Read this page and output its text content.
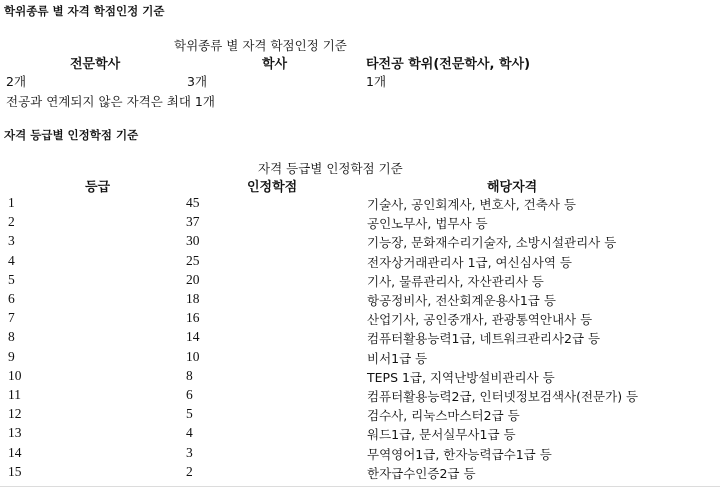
학위종류 별 자격 학점인정 기준
학위종류 별 자격 학점인정 기준
전문학사	학사	타전공 학위(전문학사, 학사)
2개	3개	1개
전공과 연계되지 않은 자격은 최대 1개
자격 등급별 인정학점 기준
자격 등급별 인정학점 기준
등급	인정학점	해당자격
1	45	기술사, 공인회계사, 변호사, 건축사 등
2	37	공인노무사, 법무사 등
3	30	기능장, 문화재수리기술자, 소방시설관리사 등
4	25	전자상거래관리사 1급, 여신심사역 등
5	20	기사, 물류관리사, 자산관리사 등
6	18	항공정비사, 전산회계운용사1급 등
7	16	산업기사, 공인중개사, 관광통역안내사 등
8	14	컴퓨터활용능력1급, 네트워크관리사2급 등
9	10	비서1급 등
10	8	TEPS 1급, 지역난방설비관리사 등
11	6	컴퓨터활용능력2급, 인터넷정보검색사(전문가) 등
12	5	검수사, 리눅스마스터2급 등
13	4	워드1급, 문서실무사1급 등
14	3	무역영어1급, 한자능력급수1급 등
15	2	한자급수인증2급 등
